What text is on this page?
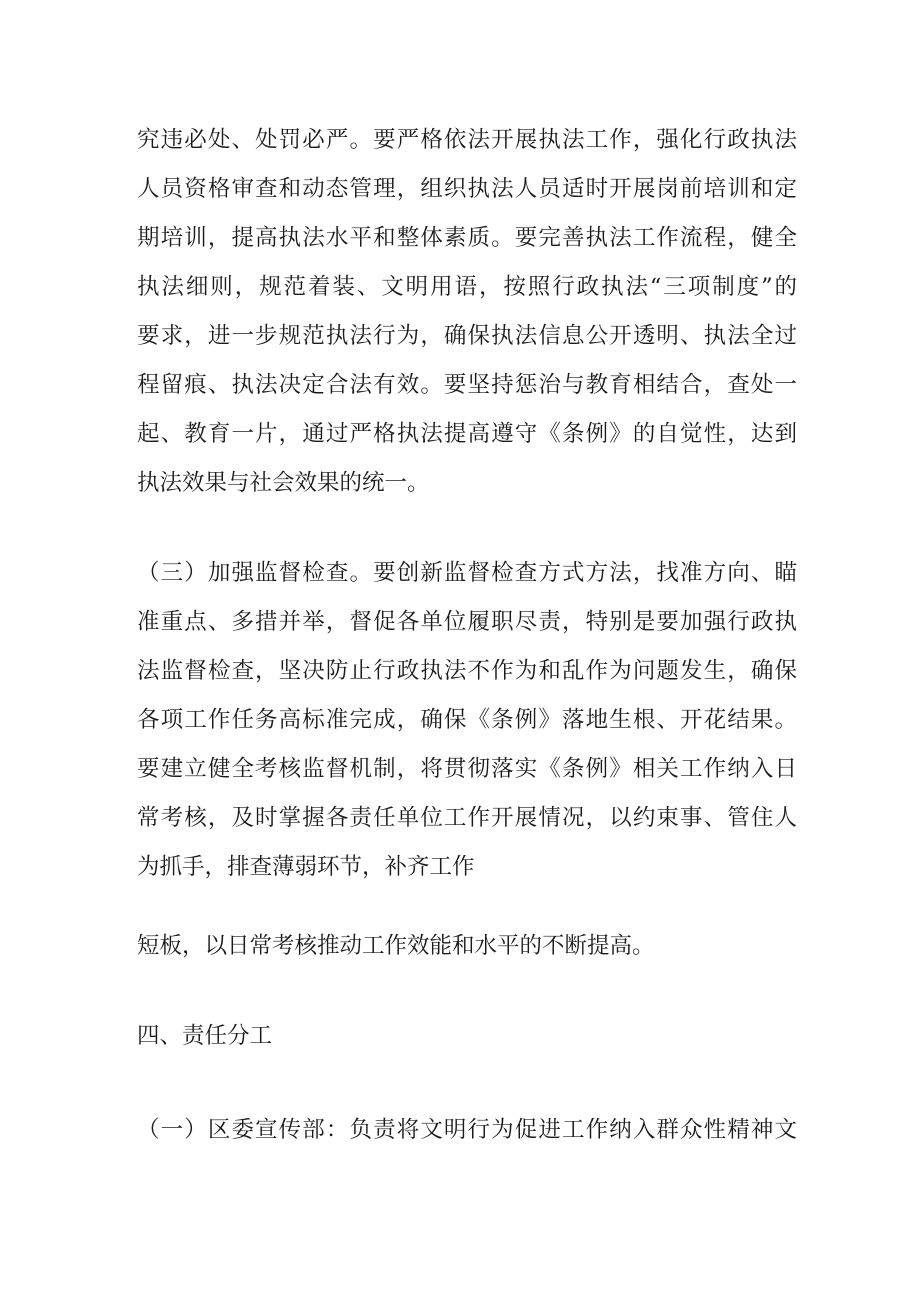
究违必处、处罚必严。要严格依法开展执法工作，强化行政执法
人员资格审查和动态管理，组织执法人员适时开展岗前培训和定
期培训，提高执法水平和整体素质。要完善执法工作流程，健全
执法细则，规范着装、文明用语，按照行政执法“三项制度”的
要求，进一步规范执法行为，确保执法信息公开透明、执法全过
程留痕、执法决定合法有效。要坚持惩治与教育相结合，查处一
起、教育一片，通过严格执法提高遵守《条例》的自觉性，达到
执法效果与社会效果的统一。
（三）加强监督检查。要创新监督检查方式方法，找准方向、瞄
准重点、多措并举，督促各单位履职尽责，特别是要加强行政执
法监督检查，坚决防止行政执法不作为和乱作为问题发生，确保
各项工作任务高标准完成，确保《条例》落地生根、开花结果。
要建立健全考核监督机制，将贯彻落实《条例》相关工作纳入日
常考核，及时掌握各责任单位工作开展情况，以约束事、管住人
为抓手，排查薄弱环节，补齐工作
短板，以日常考核推动工作效能和水平的不断提高。
四、责任分工
（一）区委宣传部：负责将文明行为促进工作纳入群众性精神文
